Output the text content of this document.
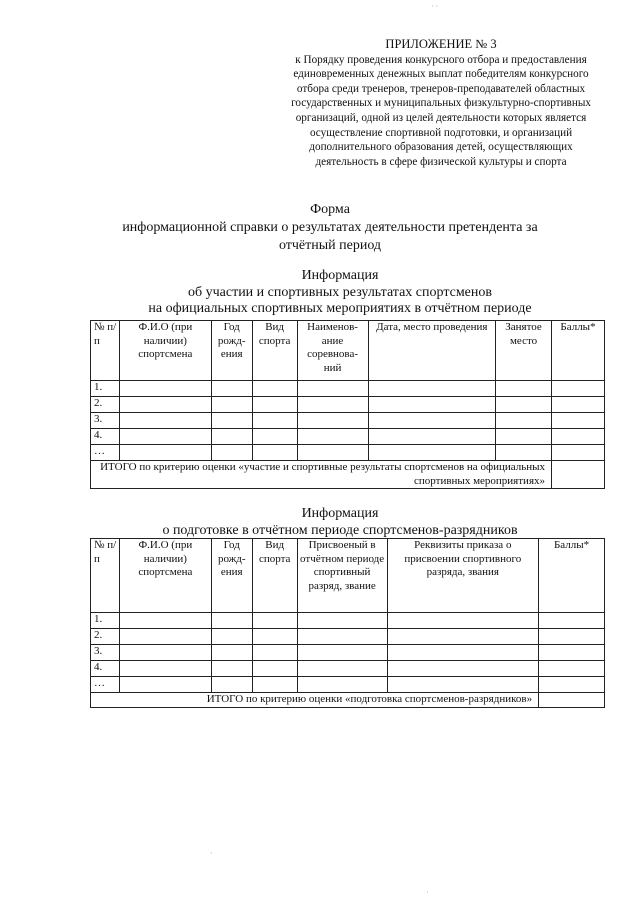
· ·
ПРИЛОЖЕНИЕ № 3
к Порядку проведения конкурсного отбора и предоставления
единовременных денежных выплат победителям конкурсного
отбора среди тренеров, тренеров-преподавателей областных
государственных и муниципальных физкультурно-спортивных
организаций, одной из целей деятельности которых является
осуществление спортивной подготовки, и организаций
дополнительного образования детей, осуществляющих
деятельность в сфере физической культуры и спорта
Форма
информационной справки о результатах деятельности претендента за
отчётный период
Информация
об участии и спортивных результатах спортсменов
на официальных спортивных мероприятиях в отчётном периоде
№ п/п	Ф.И.О (при наличии) спортсмена	Год рожд-ения	Вид спорта	Наименов-ание соревнова-ний	Дата, место проведения	Занятое место	Баллы*
1.							
2.							
3.							
4.							
…							
ИТОГО по критерию оценки «участие и спортивные результаты спортсменов на официальных спортивных мероприятиях»							
Информация
о подготовке в отчётном периоде спортсменов-разрядников
№ п/п	Ф.И.О (при наличии) спортсмена	Год рожд-ения	Вид спорта	Присвоеный в отчётном периоде спортивный разряд, звание	Реквизиты приказа о присвоении спортивного разряда, звания	Баллы*
1.						
2.						
3.						
4.						
…						
ИТОГО по критерию оценки «подготовка спортсменов-разрядников»						
·
·
